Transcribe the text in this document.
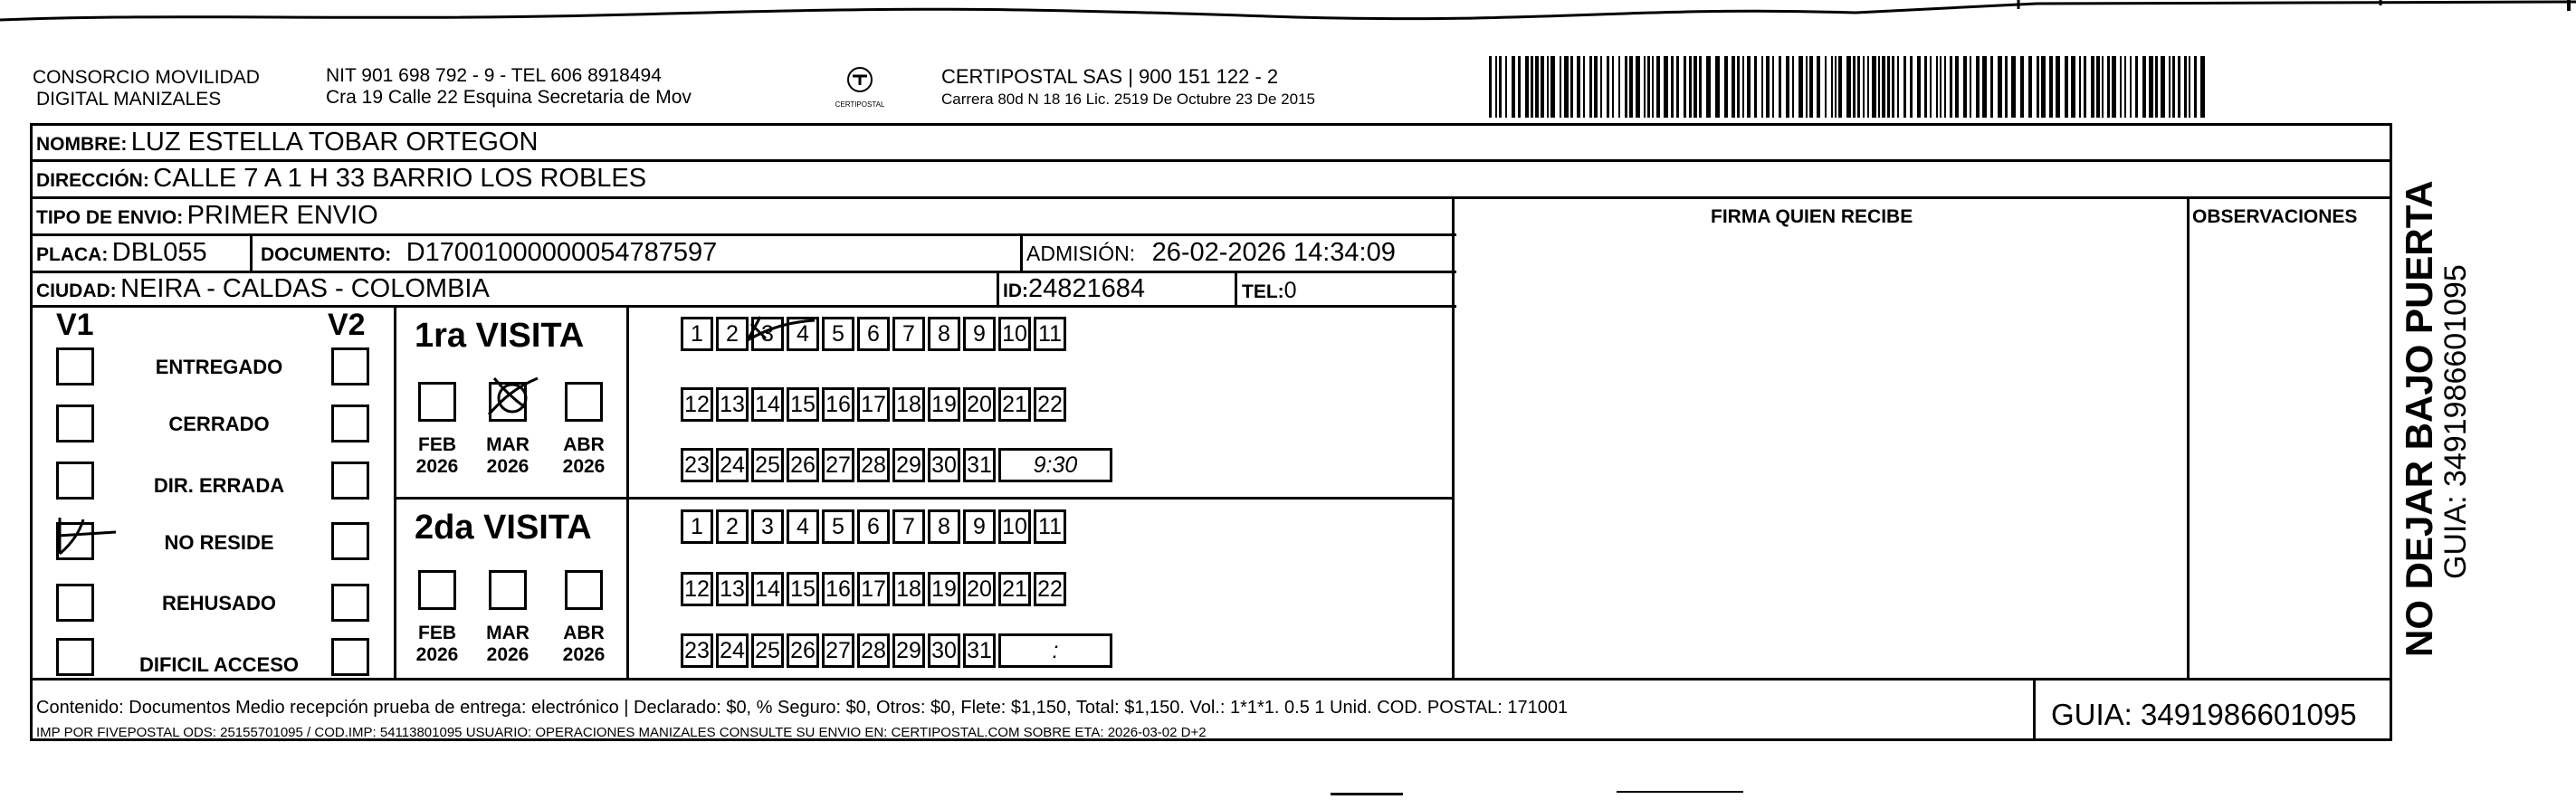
CONSORCIO MOVILIDAD
DIGITAL MANIZALES
NIT 901 698 792 - 9 - TEL 606 8918494
Cra 19 Calle 22 Esquina Secretaria de Mov	CERTIPOSTAL
CERTIPOSTAL SAS | 900 151 122 - 2
Carrera 80d N 18 16 Lic. 2519 De Octubre 23 De 2015
NOMBRE: LUZ ESTELLA TOBAR ORTEGON
DIRECCIÓN: CALLE 7 A 1 H 33 BARRIO LOS ROBLES
TIPO DE ENVIO: PRIMER ENVIO	FIRMA QUIEN RECIBE	OBSERVACIONES
PLACA: DBL055	DOCUMENTO: D17001000000054787597	ADMISIÓN: 26-02-2026 14:34:09
CIUDAD: NEIRA - CALDAS - COLOMBIA	ID:24821684	TEL:0
V1	V2
ENTREGADO
CERRADO
DIR. ERRADA
NO RESIDE
REHUSADO
DIFICIL ACCESO
1ra VISITA
FEB
2026
MAR
2026
ABR
2026
1	2	3	4	5	6	7	8	9 10 11
12 13 14 15 16 17 18 19 20 21 22
23 24 25 26 27 28 29 30 31	9:30
2da VISITA
FEB
2026
MAR
2026
ABR
2026
1	2	3	4	5	6	7	8	9 10 11
12 13 14 15 16 17 18 19 20 21 22
23 24 25 26 27 28 29 30 31	:
Contenido: Documentos Medio recepción prueba de entrega: electrónico | Declarado: $0, % Seguro: $0, Otros: $0, Flete: $1,150, Total: $1,150. Vol.: 1*1*1. 0.5 1 Unid. COD. POSTAL: 171001
IMP POR FIVEPOSTAL ODS: 25155701095 / COD.IMP: 54113801095 USUARIO: OPERACIONES MANIZALES CONSULTE SU ENVIO EN: CERTIPOSTAL.COM SOBRE ETA: 2026-03-02 D+2
GUIA: 3491986601095
NO DEJAR BAJO PUERTA
GUIA: 3491986601095
